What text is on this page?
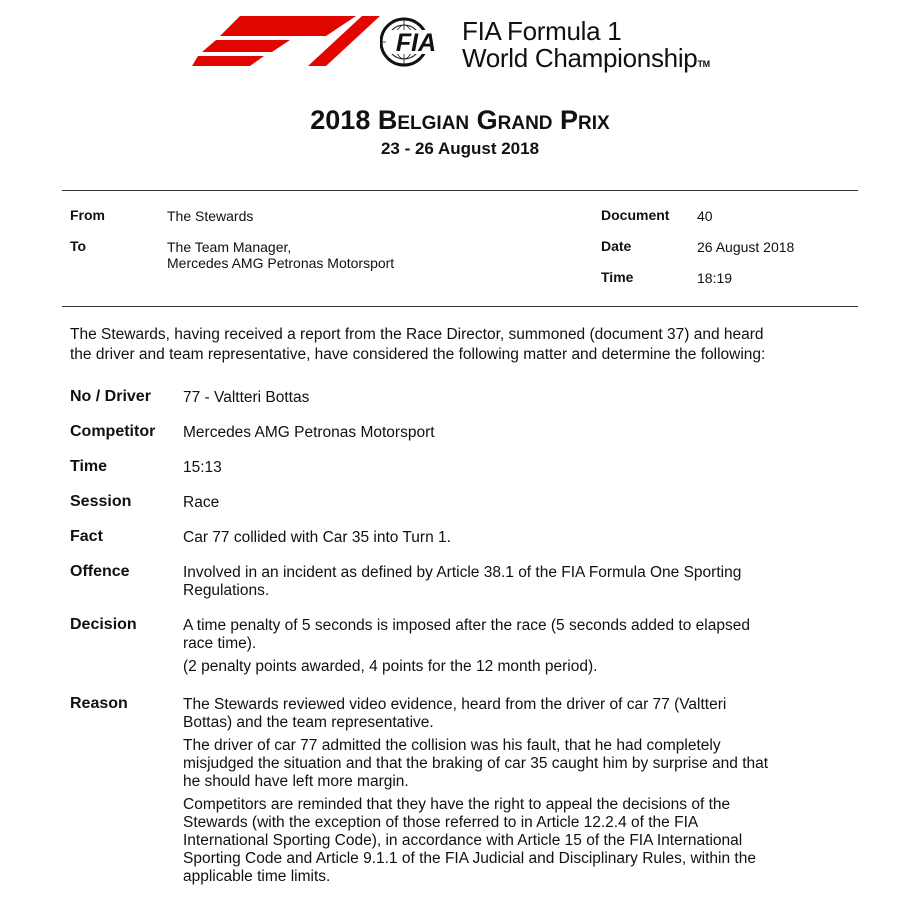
FIA FIA Formula 1
World ChampionshipTM
2018 Belgian Grand Prix
23 - 26 August 2018
From	The Stewards
To	The Team Manager,
Mercedes AMG Petronas Motorsport
Document 40
Date	26 August 2018
Time	18:19
The Stewards, having received a report from the Race Director, summoned (document 37) and heard
the driver and team representative, have considered the following matter and determine the following:
No / Driver 77 - Valtteri Bottas
Competitor Mercedes AMG Petronas Motorsport
Time	15:13
Session	Race
Fact	Car 77 collided with Car 35 into Turn 1.
Offence	Involved in an incident as defined by Article 38.1 of the FIA Formula One Sporting
Regulations.
Decision	A time penalty of 5 seconds is imposed after the race (5 seconds added to elapsed
race time).

(2 penalty points awarded, 4 points for the 12 month period).

Reason	The Stewards reviewed video evidence, heard from the driver of car 77 (Valtteri
Bottas) and the team representative.

The driver of car 77 admitted the collision was his fault, that he had completely
misjudged the situation and that the braking of car 35 caught him by surprise and that
he should have left more margin.

Competitors are reminded that they have the right to appeal the decisions of the
Stewards (with the exception of those referred to in Article 12.2.4 of the FIA
International Sporting Code), in accordance with Article 15 of the FIA International
Sporting Code and Article 9.1.1 of the FIA Judicial and Disciplinary Rules, within the
applicable time limits.
